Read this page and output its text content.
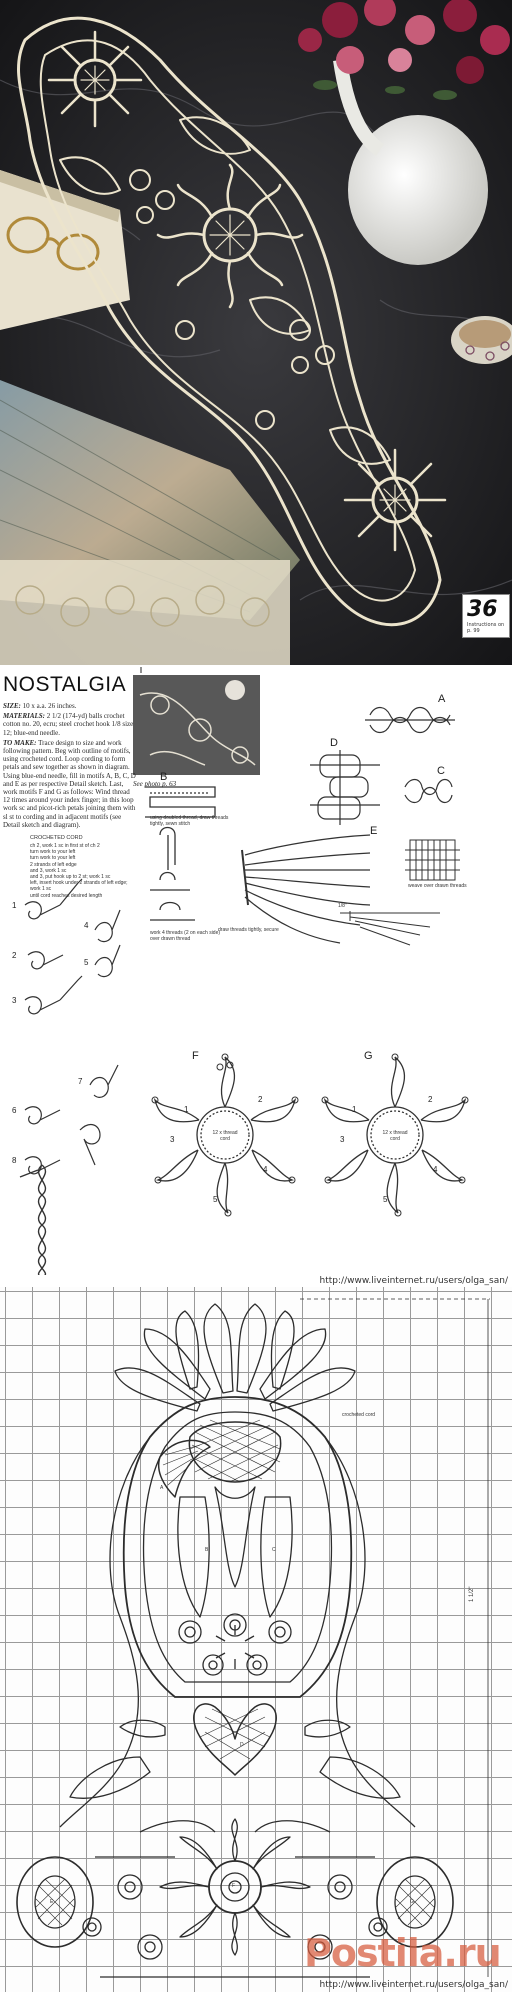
36
Instructions on p. 99
NOSTALGIA

SIZE: 10 x a.a. 26 inches.

MATERIALS: 2 1/2 (174-yd) balls crochet cotton no. 20, ecru; steel crochet hook 1/8 size 12; blue-end needle.

TO MAKE: Trace design to size and work following pattern. Beg with outline of motifs, using crocheted cord. Loop cording to form petals and sew together as shown in diagram. Using blue-end needle, fill in motifs A, B, C, D and E as per respective Detail sketch. Last, work motifs F and G as follows: Wind thread 12 times around your index finger; in this loop work sc and picot-rich petals joining them with sl st to cording and in adjacent motifs (see Detail sketch and diagram).

See photo p. 63
CROCHETED CORD
ch 2, work 1 sc in first st of ch 2
turn work to your left
turn work to your left
2 strands of left edge
and 3, work 1 sc
and 3, put hook up to 2 st; work 1 sc
left, insert hook under 2 strands of left edge; work 1 sc
until cord reaches desired length
1
2
3
4
5
6
7
8
A
B	C
D
E
F	G
1
2
3
4
5
1
2
3
4
5
using doubled thread, draw threads tightly, sewn stitch
draw threads tightly, secure
weave over drawn threads
work 4 threads (2 on each side) over drawn thread
12 x thread cord
12 x thread cord
1/8"
http://www.liveinternet.ru/users/olga_san/
crocheted cord
1 1/2"
A
B	C
D
E
F
G
Postila.ru
http://www.liveinternet.ru/users/olga_san/
